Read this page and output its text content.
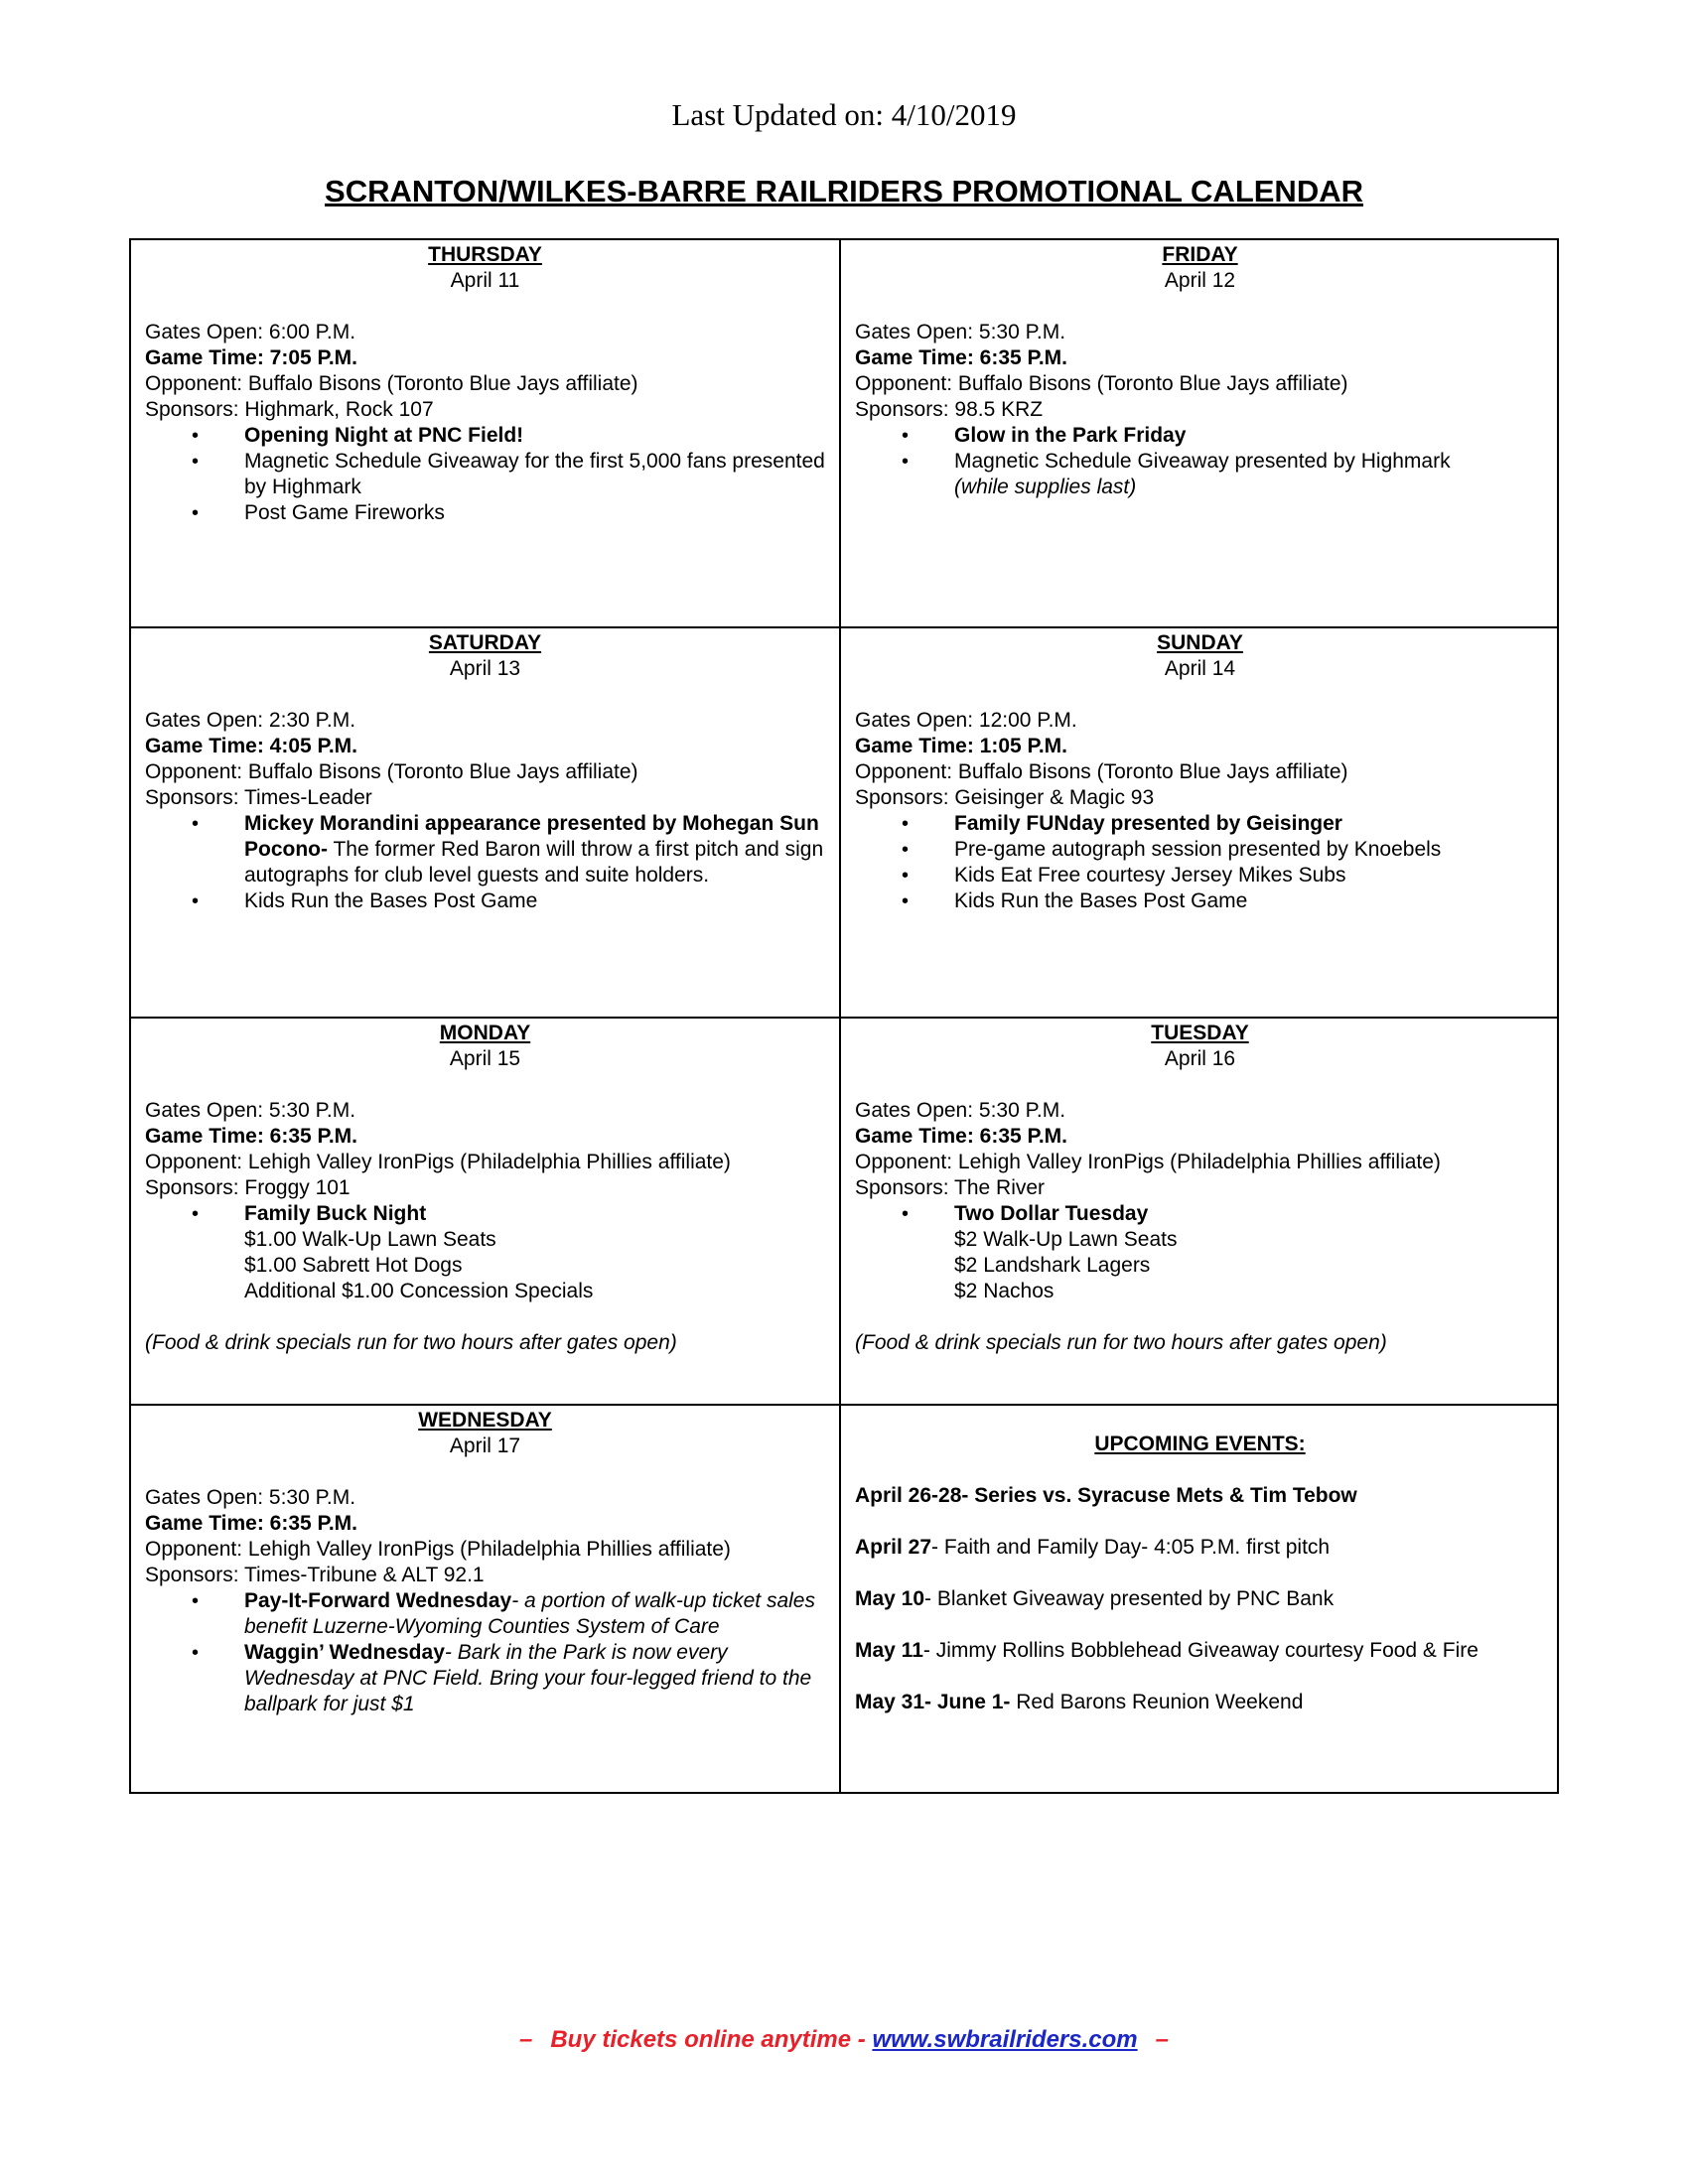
Last Updated on: 4/10/2019
SCRANTON/WILKES-BARRE RAILRIDERS PROMOTIONAL CALENDAR
THURSDAY
April 11
Gates Open: 6:00 P.M.
Game Time: 7:05 P.M.
Opponent: Buffalo Bisons (Toronto Blue Jays affiliate)
Sponsors: Highmark, Rock 107
• Opening Night at PNC Field!
• Magnetic Schedule Giveaway for the first 5,000 fans presented by Highmark
• Post Game Fireworks
FRIDAY
April 12
Gates Open: 5:30 P.M.
Game Time: 6:35 P.M.
Opponent: Buffalo Bisons (Toronto Blue Jays affiliate)
Sponsors: 98.5 KRZ
• Glow in the Park Friday
• Magnetic Schedule Giveaway presented by Highmark
(while supplies last)
SATURDAY
April 13
Gates Open: 2:30 P.M.
Game Time: 4:05 P.M.
Opponent: Buffalo Bisons (Toronto Blue Jays affiliate)
Sponsors: Times-Leader
• Mickey Morandini appearance presented by Mohegan Sun Pocono- The former Red Baron will throw a first pitch and sign autographs for club level guests and suite holders.
• Kids Run the Bases Post Game
SUNDAY
April 14
Gates Open: 12:00 P.M.
Game Time: 1:05 P.M.
Opponent: Buffalo Bisons (Toronto Blue Jays affiliate)
Sponsors: Geisinger & Magic 93
• Family FUNday presented by Geisinger
• Pre-game autograph session presented by Knoebels
• Kids Eat Free courtesy Jersey Mikes Subs
• Kids Run the Bases Post Game
MONDAY
April 15
Gates Open: 5:30 P.M.
Game Time: 6:35 P.M.
Opponent: Lehigh Valley IronPigs (Philadelphia Phillies affiliate)
Sponsors: Froggy 101
• Family Buck Night
$1.00 Walk-Up Lawn Seats
$1.00 Sabrett Hot Dogs
Additional $1.00 Concession Specials
(Food & drink specials run for two hours after gates open)
TUESDAY
April 16
Gates Open: 5:30 P.M.
Game Time: 6:35 P.M.
Opponent: Lehigh Valley IronPigs (Philadelphia Phillies affiliate)
Sponsors: The River
• Two Dollar Tuesday
$2 Walk-Up Lawn Seats
$2 Landshark Lagers
$2 Nachos
(Food & drink specials run for two hours after gates open)
WEDNESDAY
April 17
Gates Open: 5:30 P.M.
Game Time: 6:35 P.M.
Opponent: Lehigh Valley IronPigs (Philadelphia Phillies affiliate)
Sponsors: Times-Tribune & ALT 92.1
• Pay-It-Forward Wednesday- a portion of walk-up ticket sales benefit Luzerne-Wyoming Counties System of Care
• Waggin’ Wednesday- Bark in the Park is now every Wednesday at PNC Field. Bring your four-legged friend to the ballpark for just $1
UPCOMING EVENTS:
April 26-28- Series vs. Syracuse Mets & Tim Tebow
April 27- Faith and Family Day- 4:05 P.M. first pitch
May 10- Blanket Giveaway presented by PNC Bank
May 11- Jimmy Rollins Bobblehead Giveaway courtesy Food & Fire
May 31- June 1- Red Barons Reunion Weekend
– Buy tickets online anytime - www.swbrailriders.com –
